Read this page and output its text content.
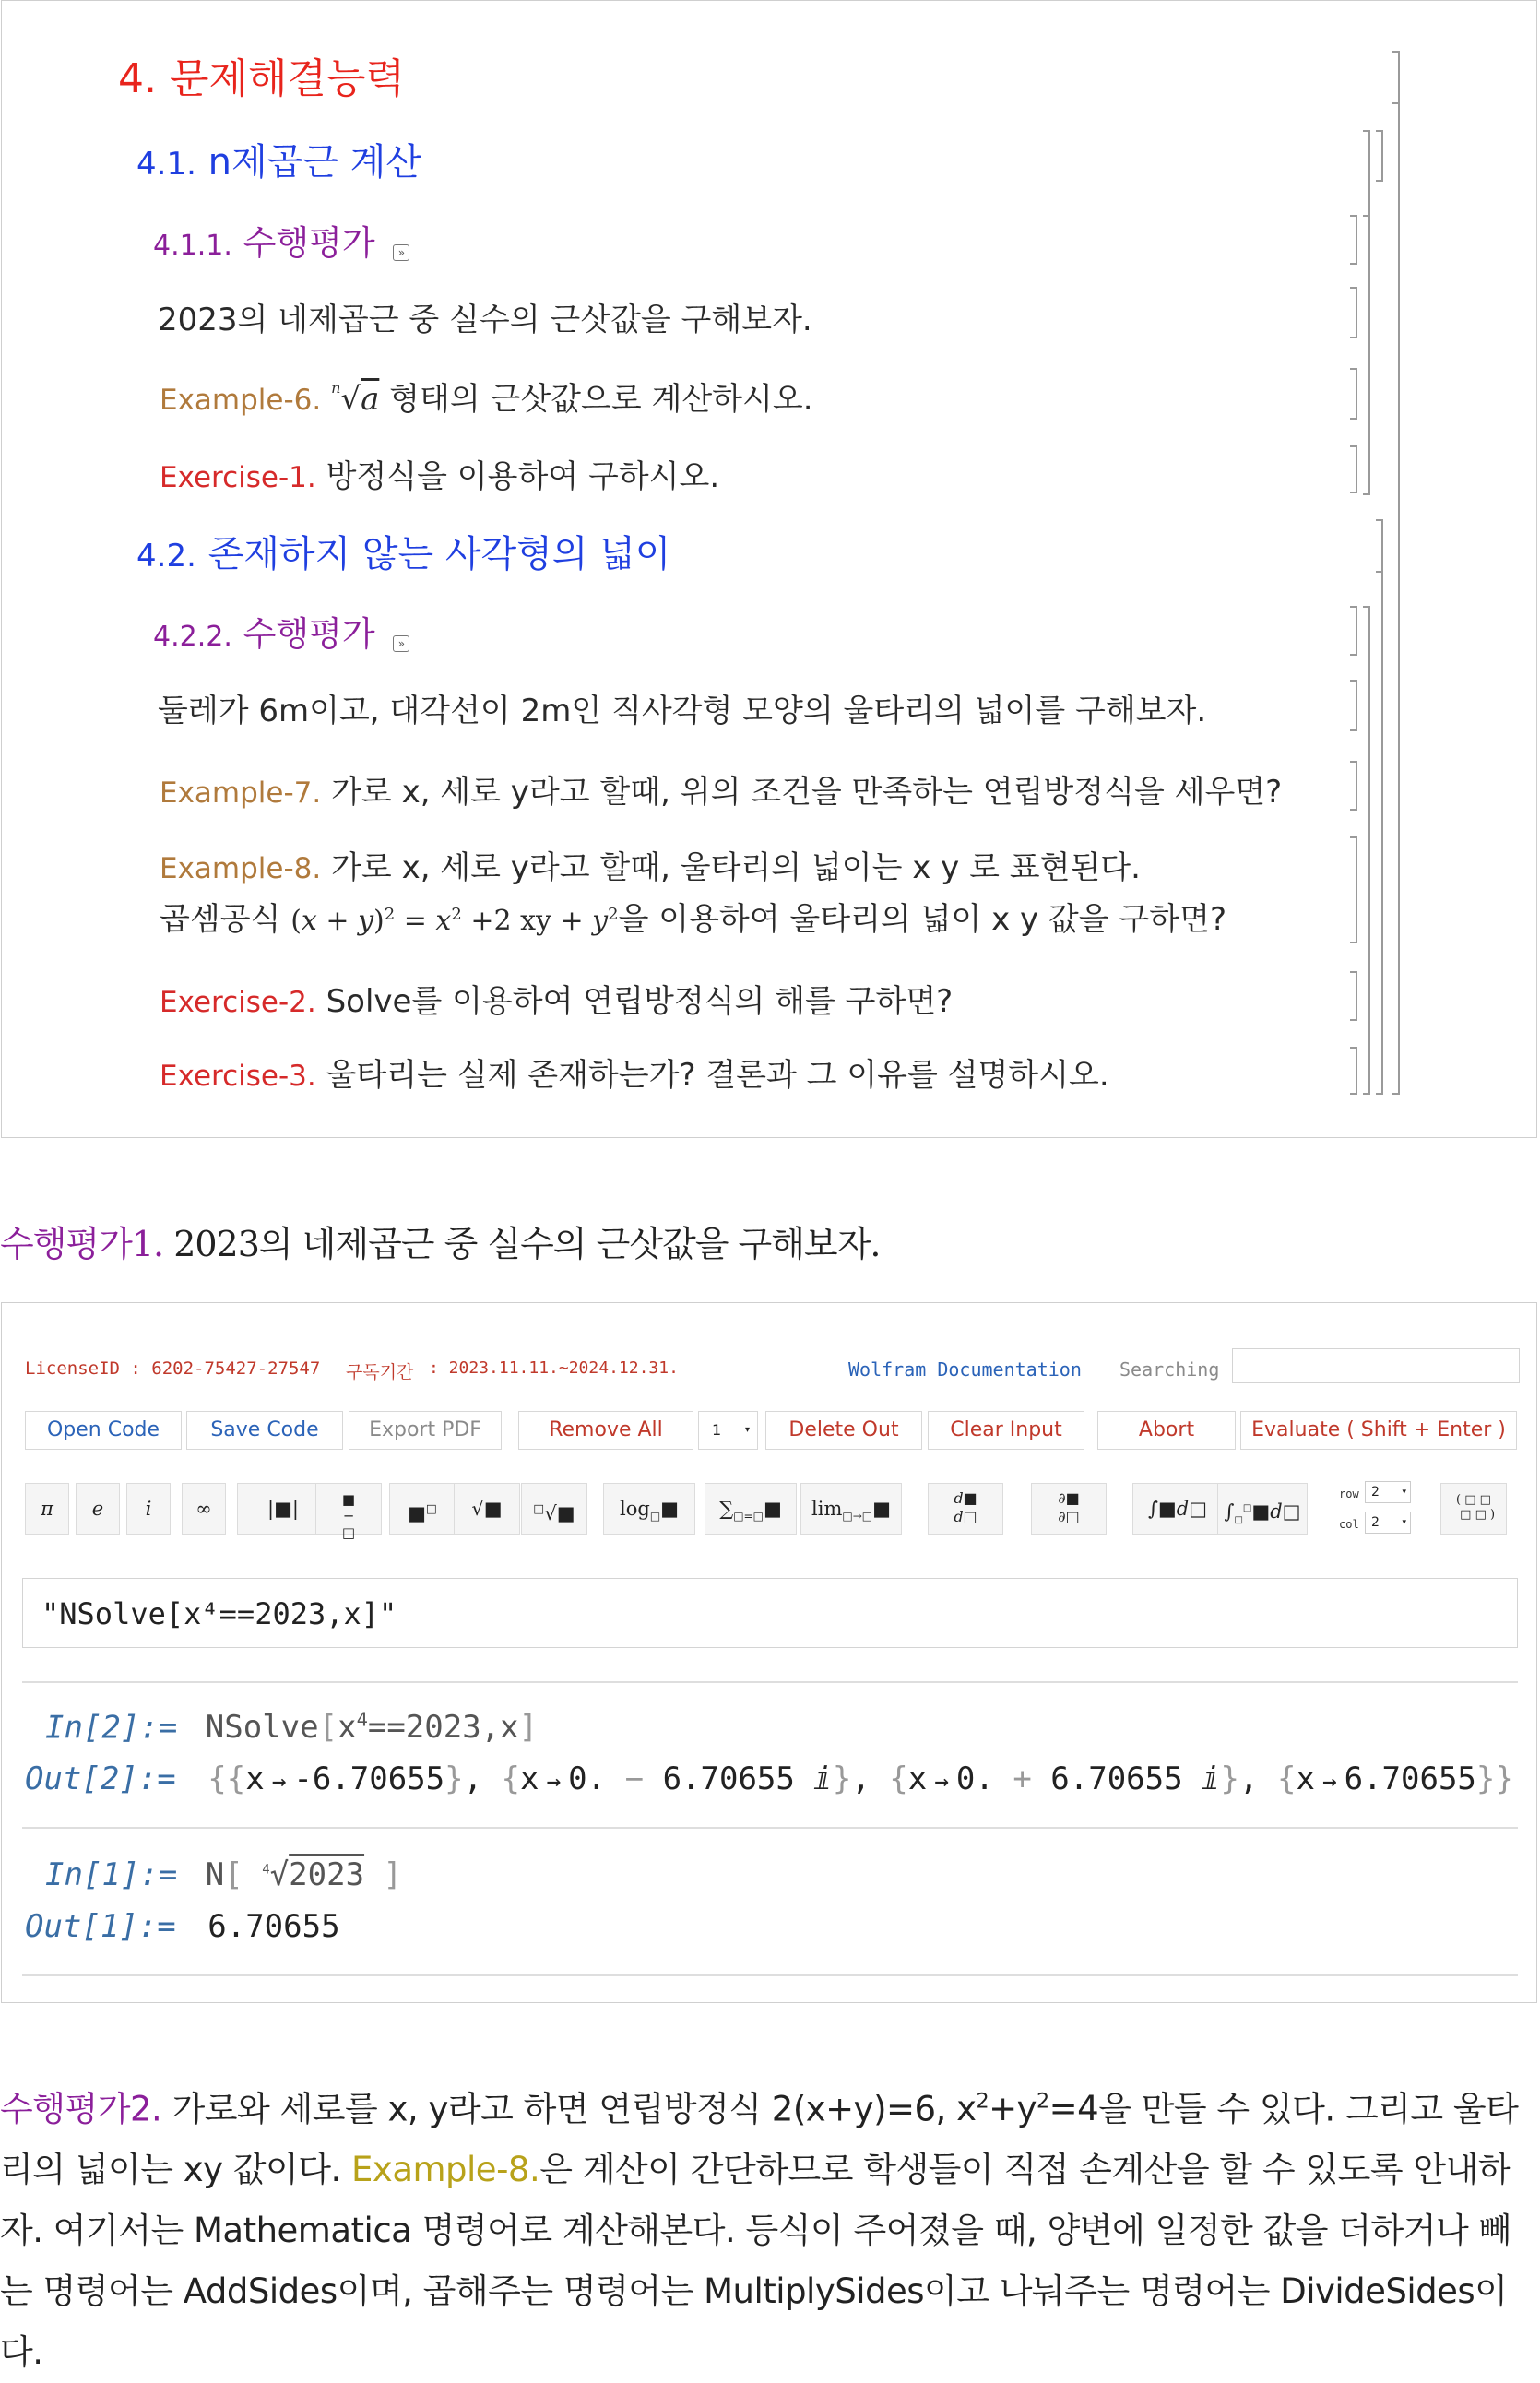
4. 문제해결능력
4.1. n제곱근 계산
4.1.1. 수행평가 »
2023의 네제곱근 중 실수의 근삿값을 구해보자.
Example-6. $^n$√a 형태의 근삿값으로 계산하시오.
Exercise-1. 방정식을 이용하여 구하시오.
4.2. 존재하지 않는 사각형의 넓이
4.2.2. 수행평가 »
둘레가 6m이고, 대각선이 2m인 직사각형 모양의 울타리의 넓이를 구해보자.
Example-7. 가로 x, 세로 y라고 할때, 위의 조건을 만족하는 연립방정식을 세우면?
Example-8. 가로 x, 세로 y라고 할때, 울타리의 넓이는 x y 로 표현된다.
곱셈공식 $(x + y)^2 = x^2 +2$ xy + $y^2$을 이용하여 울타리의 넓이 x y 값을 구하면?
Exercise-2. Solve를 이용하여 연립방정식의 해를 구하면?
Exercise-3. 울타리는 실제 존재하는가? 결론과 그 이유를 설명하시오.
수행평가1. 2023의 네제곱근 중 실수의 근삿값을 구해보자.
LicenseID : 6202-75427-27547 구독기간 : 2023.11.11.~2024.12.31.	Wolfram Documentation Searching
Open Code	Save Code	Export PDF	Remove All	1	▾	Delete Out	Clear Input	Abort	Evaluate ( Shift + Enter )
π	e	i	∞	|■|	■
─
□
■□	√■	□√■	$\log_□■$	$\sum_{□=□}■$	$\lim_{□\to□}■$	d■
d□
∂■
∂□	∫■d□ $\int_□^□■d□$
row 2	▾
col 2	▾
( □ □
□ □ )
"NSolve[x⁴==2023,x]"
In[2]:= $NSolve[x^4==2023,x]$
Out[2]:= {{x → -6.70655}, {x → 0. − 6.70655 ⅈ}, {x → 0. + 6.70655 ⅈ}, {x → 6.70655}}
In[1]:= N[ $^4$√2023 ]
Out[1]:= 6.70655
수행평가2. 가로와 세로를 x, y라고 하면 연립방정식 2(x+y)=6, $x^2+y^2=4$을 만들 수 있다. 그리고 울타리의 넓이는 xy 값이다. Example-8.은 계산이 간단하므로 학생들이 직접 손계산을 할 수 있도록 안내하자. 여기서는 Mathematica 명령어로 계산해본다. 등식이 주어졌을 때, 양변에 일정한 값을 더하거나 빼는 명령어는 AddSides이며, 곱해주는 명령어는 MultiplySides이고 나눠주는 명령어는 DivideSides이다.
